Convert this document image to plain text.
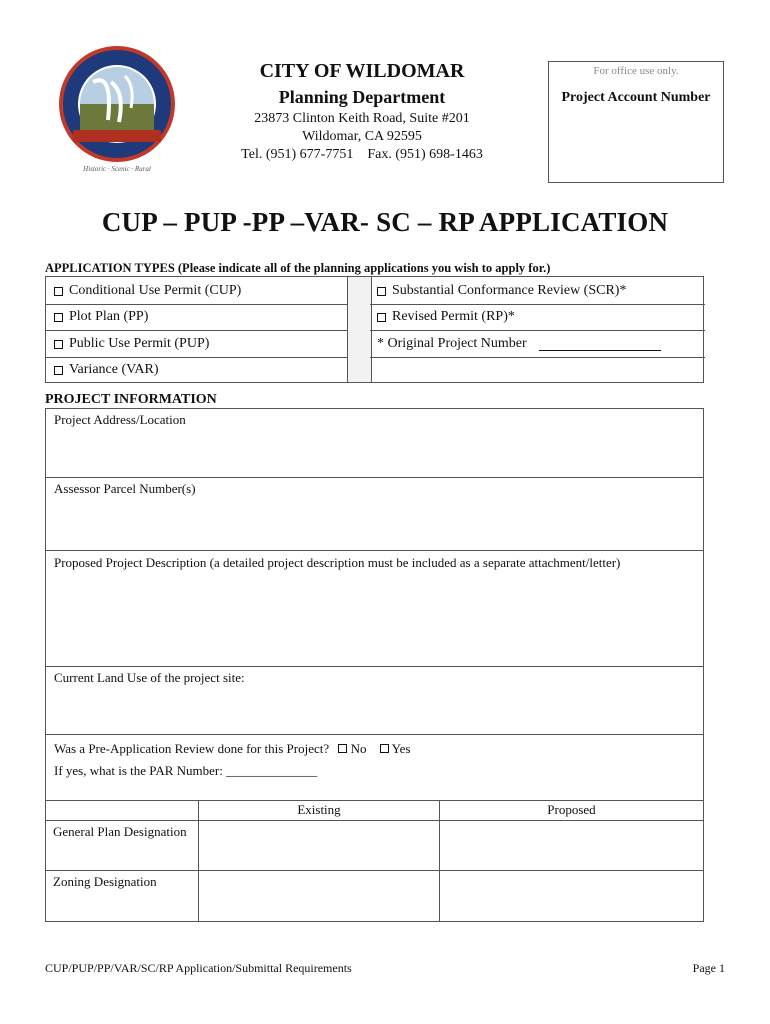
Historic · Scenic · Rural
CITY OF WILDOMAR
Planning Department
23873 Clinton Keith Road, Suite #201
Wildomar, CA 92595
Tel. (951) 677-7751    Fax. (951) 698-1463
For office use only.
Project Account Number
CUP – PUP -PP –VAR- SC – RP APPLICATION
APPLICATION TYPES (Please indicate all of the planning applications you wish to apply for.)
Conditional Use Permit (CUP)
Plot Plan (PP)
Public Use Permit (PUP)
Variance (VAR)
Substantial Conformance Review (SCR)*
Revised Permit (RP)*
* Original Project Number
PROJECT INFORMATION
Project Address/Location
Assessor Parcel Number(s)
Proposed Project Description (a detailed project description must be included as a separate attachment/letter)
Current Land Use of the project site:
Was a Pre-Application Review done for this Project? No Yes
If yes, what is the PAR Number: ______________
Existing	Proposed
General Plan Designation
Zoning Designation
CUP/PUP/PP/VAR/SC/RP Application/Submittal Requirements	Page 1
